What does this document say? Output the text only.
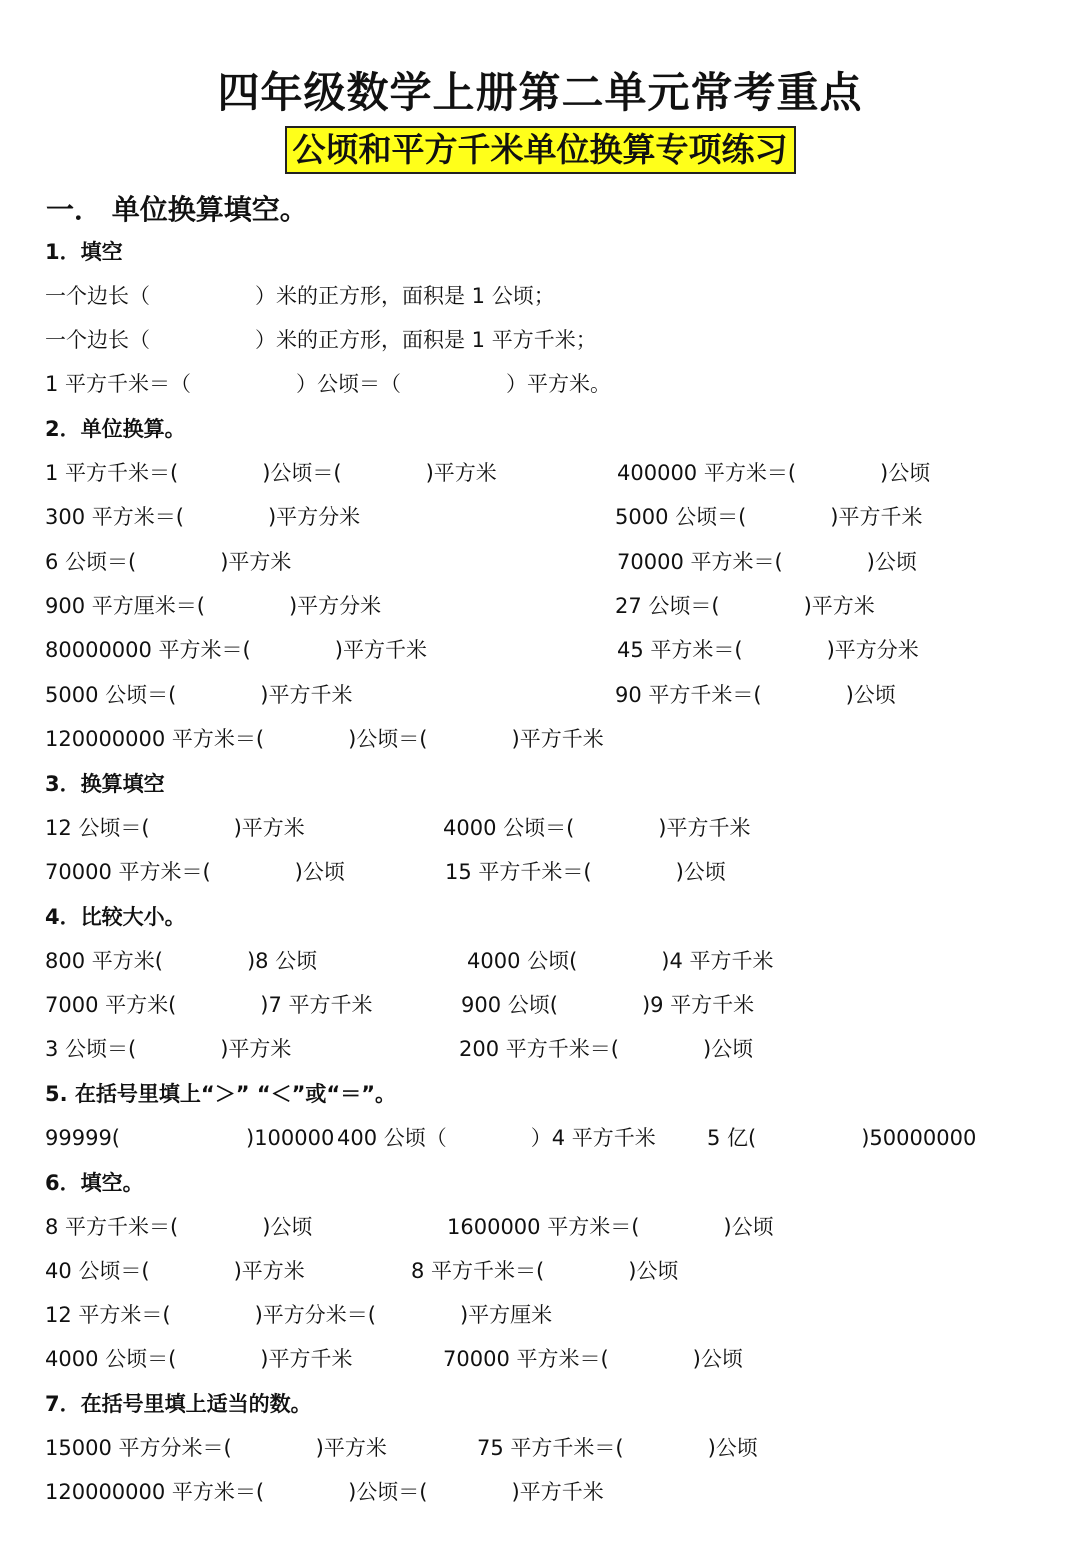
四年级数学上册第二单元常考重点
公顷和平方千米单位换算专项练习
一． 单位换算填空。
1．填空
一个边长（　　　　　）米的正方形，面积是 1 公顷；
一个边长（　　　　　）米的正方形，面积是 1 平方千米；
1 平方千米＝（　　　　　）公顷＝（　　　　　）平方米。
2．单位换算。
1 平方千米＝(　　　　)公顷＝(　　　　)平方米	400000 平方米＝(　　　　)公顷
300 平方米＝(　　　　)平方分米	5000 公顷＝(　　　　)平方千米
6 公顷＝(　　　　)平方米	70000 平方米＝(　　　　)公顷
900 平方厘米＝(　　　　)平方分米	27 公顷＝(　　　　)平方米
80000000 平方米＝(　　　　)平方千米	45 平方米＝(　　　　)平方分米
5000 公顷＝(　　　　)平方千米	90 平方千米＝(　　　　)公顷
120000000 平方米＝(　　　　)公顷＝(　　　　)平方千米
3．换算填空
12 公顷＝(　　　　)平方米	4000 公顷＝(　　　　)平方千米
70000 平方米＝(　　　　)公顷	15 平方千米＝(　　　　)公顷
4．比较大小。
800 平方米(　　　　)8 公顷	4000 公顷(　　　　)4 平方千米
7000 平方米(　　　　)7 平方千米	900 公顷(　　　　)9 平方千米
3 公顷＝(　　　　)平方米	200 平方千米＝(　　　　)公顷
5. 在括号里填上“＞” “＜”或“＝”。
99999(　　　　　　)100000 400 公顷（　　　　）4 平方千米 5 亿(　　　　　)50000000
6．填空。
8 平方千米＝(　　　　)公顷	1600000 平方米＝(　　　　)公顷
40 公顷＝(　　　　)平方米	8 平方千米＝(　　　　)公顷
12 平方米＝(　　　　)平方分米＝(　　　　)平方厘米
4000 公顷＝(　　　　)平方千米	70000 平方米＝(　　　　)公顷
7．在括号里填上适当的数。
15000 平方分米＝(　　　　)平方米	75 平方千米＝(　　　　)公顷
120000000 平方米＝(　　　　)公顷＝(　　　　)平方千米
